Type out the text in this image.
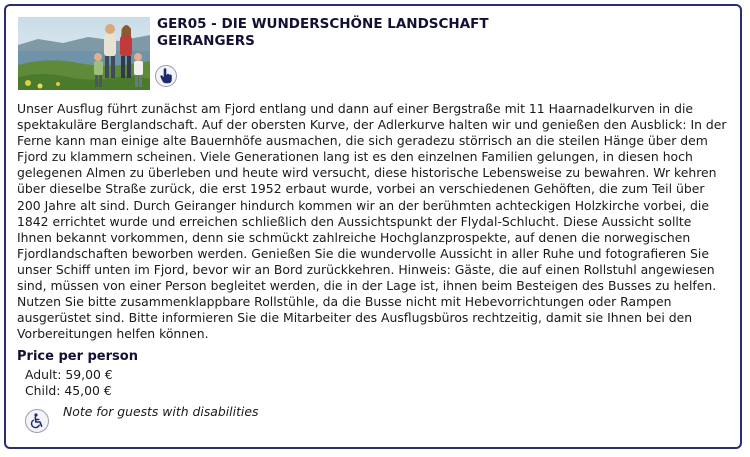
GER05 - DIE WUNDERSCHÖNE LANDSCHAFT GEIRANGERS

Unser Ausflug führt zunächst am Fjord entlang und dann auf einer Bergstraße mit 11 Haarnadelkurven in die spektakuläre Berglandschaft. Auf der obersten Kurve, der Adlerkurve halten wir und genießen den Ausblick: In der Ferne kann man einige alte Bauernhöfe ausmachen, die sich geradezu störrisch an die steilen Hänge über dem Fjord zu klammern scheinen. Viele Generationen lang ist es den einzelnen Familien gelungen, in diesen hoch gelegenen Almen zu überleben und heute wird versucht, diese historische Lebensweise zu bewahren. Wr kehren über dieselbe Straße zurück, die erst 1952 erbaut wurde, vorbei an verschiedenen Gehöften, die zum Teil über 200 Jahre alt sind. Durch Geiranger hindurch kommen wir an der berühmten achteckigen Holzkirche vorbei, die 1842 errichtet wurde und erreichen schließlich den Aussichtspunkt der Flydal-Schlucht. Diese Aussicht sollte Ihnen bekannt vorkommen, denn sie schmückt zahlreiche Hochglanzprospekte, auf denen die norwegischen Fjordlandschaften beworben werden. Genießen Sie die wundervolle Aussicht in aller Ruhe und fotografieren Sie unser Schiff unten im Fjord, bevor wir an Bord zurückkehren. Hinweis: Gäste, die auf einen Rollstuhl angewiesen sind, müssen von einer Person begleitet werden, die in der Lage ist, ihnen beim Besteigen des Busses zu helfen. Nutzen Sie bitte zusammenklappbare Rollstühle, da die Busse nicht mit Hebevorrichtungen oder Rampen ausgerüstet sind. Bitte informieren Sie die Mitarbeiter des Ausflugsbüros rechtzeitig, damit sie Ihnen bei den Vorbereitungen helfen können.

Price per person
Adult: 59,00 €
Child: 45,00 €
Note for guests with disabilities
